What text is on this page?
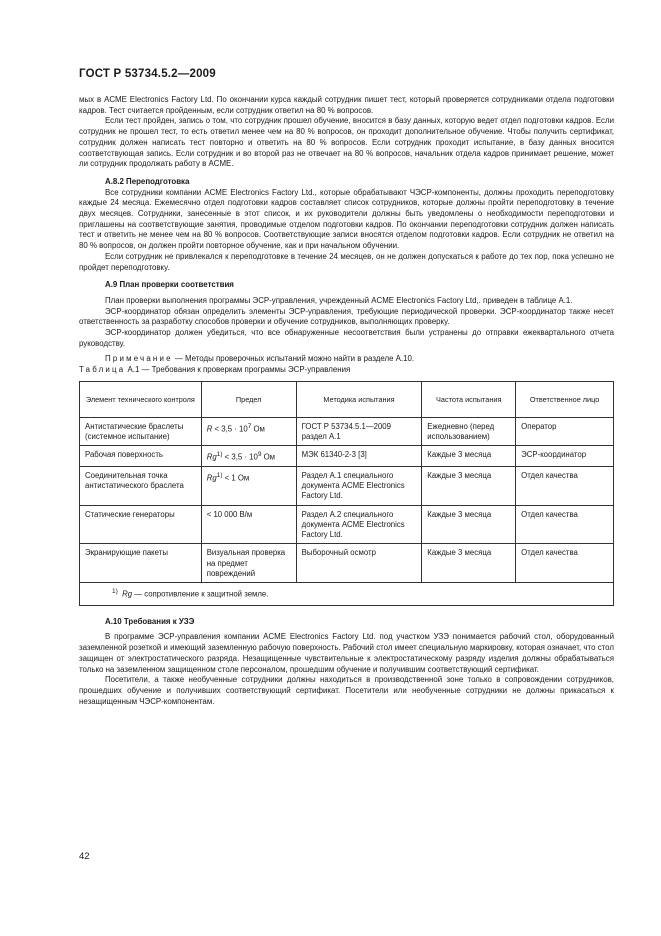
ГОСТ Р 53734.5.2—2009

мых в ACME Electronics Factory Ltd. По окончании курса каждый сотрудник пишет тест, который проверяется сотрудниками отдела подготовки кадров. Тест считается пройденным, если сотрудник ответил на 80 % вопросов.

Если тест пройден, запись о том, что сотрудник прошел обучение, вносится в базу данных, которую ведет отдел подготовки кадров. Если сотрудник не прошел тест, то есть ответил менее чем на 80 % вопросов, он проходит дополнительное обучение. Чтобы получить сертификат, сотрудник должен написать тест повторно и ответить на 80 % вопросов. Если сотрудник проходит испытание, в базу данных вносится соответствующая запись. Если сотрудник и во второй раз не отвечает на 80 % вопросов, начальник отдела кадров принимает решение, может ли сотрудник продолжать работу в ACME.

А.8.2 Переподготовка

Все сотрудники компании ACME Electronics Factory Ltd., которые обрабатывают ЧЭСР-компоненты, должны проходить переподготовку каждые 24 месяца. Ежемесячно отдел подготовки кадров составляет список сотрудников, которые должны пройти переподготовку в течение двух месяцев. Сотрудники, занесенные в этот список, и их руководители должны быть уведомлены о необходимости переподготовки и приглашены на соответствующие занятия, проводимые отделом подготовки кадров. По окончании переподготовки сотрудник должен написать тест и ответить не менее чем на 80 % вопросов. Соответствующие записи вносятся отделом подготовки кадров. Если сотрудник не ответил на 80 % вопросов, он должен пройти повторное обучение, как и при начальном обучении.

Если сотрудник не привлекался к переподготовке в течение 24 месяцев, он не должен допускаться к работе до тех пор, пока успешно не пройдет переподготовку.

А.9 План проверки соответствия

План проверки выполнения программы ЭСР-управления, учрежденный ACME Electronics Factory Ltd,. приведен в таблице А.1.

ЭСР-координатор обязан определить элементы ЭСР-управления, требующие периодической проверки. ЭСР-координатор также несет ответственность за разработку способов проверки и обучение сотрудников, выполняющих проверку.

ЭСР-координатор должен убедиться, что все обнаруженные несоответствия были устранены до отправки ежеквартального отчета руководству.

Примечание — Методы проверочных испытаний можно найти в разделе А.10.

Таблица А.1 — Требования к проверкам программы ЭСР-управления

Элемент технического контроля	Предел	Методика испытания	Частота испытания	Ответственное лицо
Антистатические браслеты (системное испытание)	$R < 3,5 \cdot 10^7$ Ом	ГОСТ Р 53734.5.1—2009 раздел А.1	Ежедневно (перед использованием)	Оператор
Рабочая поверхность	$Rg^{1)} < 3,5 \cdot 10^9$ Ом	МЭК 61340-2-3 [3]	Каждые 3 месяца	ЭСР-координатор
Соединительная точка антистатического браслета	$Rg^{1)} < 1$ Ом	Раздел А.1 специального документа ACME Electronics Factory Ltd.	Каждые 3 месяца	Отдел качества
Статические генераторы	< 10 000 В/м	Раздел А.2 специального документа ACME Electronics Factory Ltd.	Каждые 3 месяца	Отдел качества
Экранирующие пакеты	Визуальная проверка на предмет повреждений	Выборочный осмотр	Каждые 3 месяца	Отдел качества
$^{1)}$ Rg — сопротивление к защитной земле.				
А.10 Требования к УЗЭ

В программе ЭСР-управления компании ACME Electronics Factory Ltd. под участком УЗЭ понимается рабочий стол, оборудованный заземленной розеткой и имеющий заземленную рабочую поверхность. Рабочий стол имеет специальную маркировку, которая означает, что стол защищен от электростатического разряда. Незащищенные чувствительные к электростатическому разряду изделия должны обрабатываться только на заземленном защищенном столе персоналом, прошедшим обучение и получившим соответствующий сертификат.

Посетители, а также необученные сотрудники должны находиться в производственной зоне только в сопровождении сотрудников, прошедших обучение и получивших соответствующий сертификат. Посетители или необученные сотрудники не должны прикасаться к незащищенным ЧЭСР-компонентам.

42
